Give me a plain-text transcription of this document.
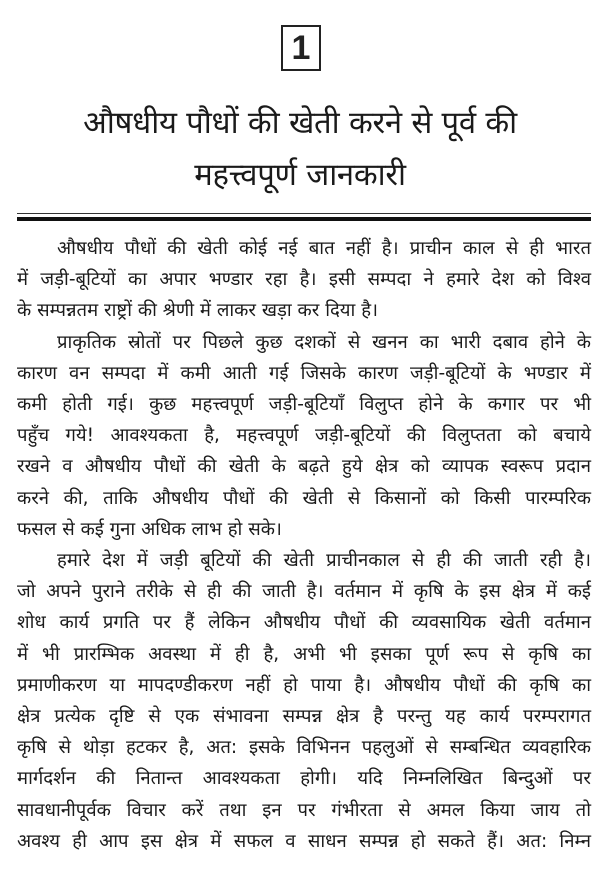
1
औषधीय पौधों की खेती करने से पूर्व की
महत्त्वपूर्ण जानकारी
औषधीय पौधों की खेती कोई नई बात नहीं है। प्राचीन काल से ही भारत
में जड़ी-बूटियों का अपार भण्डार रहा है। इसी सम्पदा ने हमारे देश को विश्व
के सम्पन्नतम राष्ट्रों की श्रेणी में लाकर खड़ा कर दिया है।
प्राकृतिक स्रोतों पर पिछले कुछ दशकों से खनन का भारी दबाव होने के
कारण वन सम्पदा में कमी आती गई जिसके कारण जड़ी-बूटियों के भण्डार में
कमी होती गई। कुछ महत्त्वपूर्ण जड़ी-बूटियाँ विलुप्त होने के कगार पर भी
पहुँच गये! आवश्यकता है, महत्त्वपूर्ण जड़ी-बूटियों की विलुप्तता को बचाये
रखने व औषधीय पौधों की खेती के बढ़ते हुये क्षेत्र को व्यापक स्वरूप प्रदान
करने की, ताकि औषधीय पौधों की खेती से किसानों को किसी पारम्परिक
फसल से कई गुना अधिक लाभ हो सके।
हमारे देश में जड़ी बूटियों की खेती प्राचीनकाल से ही की जाती रही है।
जो अपने पुराने तरीके से ही की जाती है। वर्तमान में कृषि के इस क्षेत्र में कई
शोध कार्य प्रगति पर हैं लेकिन औषधीय पौधों की व्यवसायिक खेती वर्तमान
में भी प्रारम्भिक अवस्था में ही है, अभी भी इसका पूर्ण रूप से कृषि का
प्रमाणीकरण या मापदण्डीकरण नहीं हो पाया है। औषधीय पौधों की कृषि का
क्षेत्र प्रत्येक दृष्टि से एक संभावना सम्पन्न क्षेत्र है परन्तु यह कार्य परम्परागत
कृषि से थोड़ा हटकर है, अत: इसके विभिनन पहलुओं से सम्बन्धित व्यवहारिक
मार्गदर्शन की नितान्त आवश्यकता होगी। यदि निम्नलिखित बिन्दुओं पर
सावधानीपूर्वक विचार करें तथा इन पर गंभीरता से अमल किया जाय तो
अवश्य ही आप इस क्षेत्र में सफल व साधन सम्पन्न हो सकते हैं। अत: निम्न
